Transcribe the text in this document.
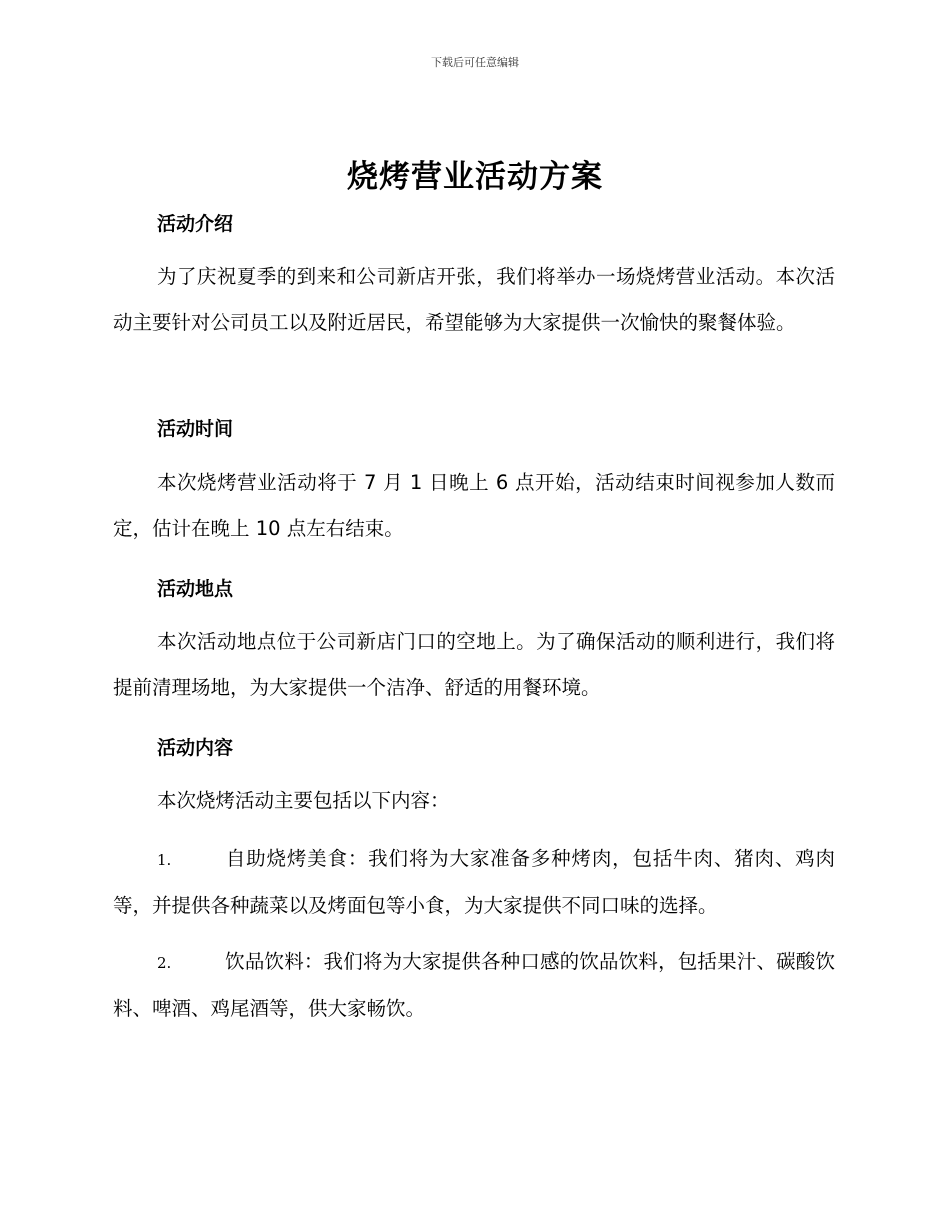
下载后可任意编辑
烧烤营业活动方案
活动介绍

为了庆祝夏季的到来和公司新店开张，我们将举办一场烧烤营业活动。本次活动主要针对公司员工以及附近居民，希望能够为大家提供一次愉快的聚餐体验。

活动时间

本次烧烤营业活动将于 7 月 1 日晚上 6 点开始，活动结束时间视参加人数而定，估计在晚上 10 点左右结束。

活动地点

本次活动地点位于公司新店门口的空地上。为了确保活动的顺利进行，我们将提前清理场地，为大家提供一个洁净、舒适的用餐环境。

活动内容

本次烧烤活动主要包括以下内容：

1.	自助烧烤美食：我们将为大家准备多种烤肉，包括牛肉、猪肉、鸡肉等，并提供各种蔬菜以及烤面包等小食，为大家提供不同口味的选择。

2.	饮品饮料：我们将为大家提供各种口感的饮品饮料，包括果汁、碳酸饮料、啤酒、鸡尾酒等，供大家畅饮。
